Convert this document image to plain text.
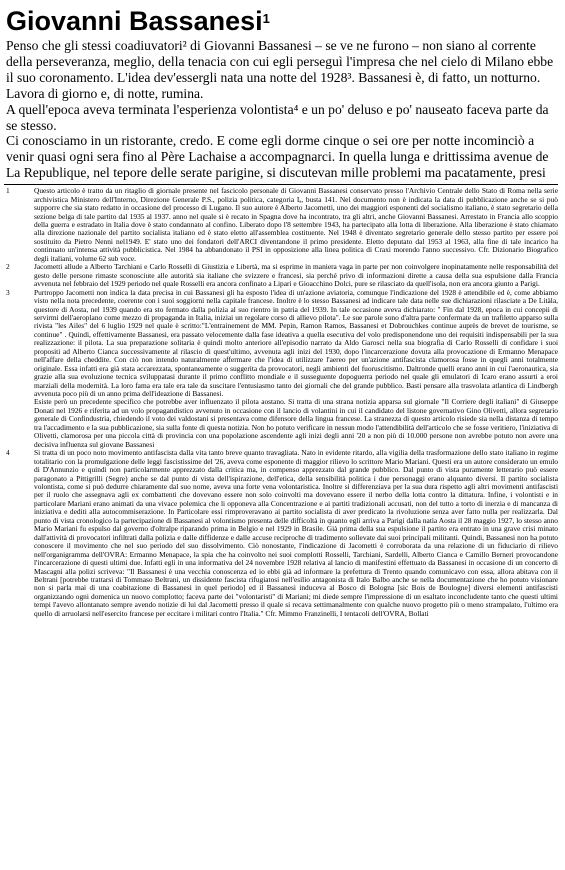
Giovanni Bassanesi$^1$

Penso che gli stessi coadiuvatori² di Giovanni Bassanesi – se ve ne furono – non siano al corrente della perseveranza, meglio, della tenacia con cui egli perseguì l'impresa che nel cielo di Milano ebbe il suo coronamento. L'idea dev'essergli nata una notte del 1928³. Bassanesi è, di fatto, un notturno. Lavora di giorno e, di notte, rumina.

A quell'epoca aveva terminata l'esperienza volontista⁴ e un po' deluso e po' nauseato faceva parte da se stesso.

Ci conosciamo in un ristorante, credo. E come egli dorme cinque o sei ore per notte incominciò a venir quasi ogni sera fino al Père Lachaise a accompagnarci. In quella lunga e drittissima avenue de La Republique, nel tepore delle serate parigine, si discutevan mille problemi ma pacatamente, presi

1	Questo articolo è tratto da un ritaglio di giornale presente nel fascicolo personale di Giovanni Bassanesi conservato presso l'Archivio Centrale dello Stato di Roma nella serie archivistica Ministero dell'Interno, Direzione Generale P.S., polizia politica, categoria Iₐ, busta 141. Nel documento non è indicata la data di pubblicazione anche se si può supporre che sia stato redatto in occasione del processo di Lugano. Il suo autore è Alberto Jacometti, uno dei maggiori esponenti del socialismo italiano, è stato segretario della sezione belga di tale partito dal 1935 al 1937. anno nel quale si è recato in Spagna dove ha incontrato, tra gli altri, anche Giovanni Bassanesi. Arrestato in Francia allo scoppio della guerra e estradato in Italia dove è stato condannato al confino. Liberato dopo l'8 settembre 1943, ha partecipato alla lotta di liberazione. Alla liberazione è stato chiamato alla direzione nazionale del partito socialista italiano ed è stato eletto all'assemblea costituente. Nel 1948 è diventato segretario generale dello stesso partito per essere poi sostituito da Pietro Nenni nel1949. E' stato uno dei fondatori dell'ARCI diventandone il primo presidente. Eletto deputato dal 1953 al 1963, alla fine di tale incarico ha continuato un'intensa attività pubblicistica. Nel 1984 ha abbandonato il PSI in opposizione alla linea politica di Craxi morendo l'anno successivo. Cfr. Dizionario Biografico degli italiani, volume 62 sub voce.

2	Jacometti allude a Alberto Tarchiani e Carlo Rosselli di Giustizia e Libertà, ma si esprime in maniera vaga in parte per non coinvolgere inopinatamente nelle responsabilità del gesto delle persone rimaste sconosciute alle autorità sia italiane che svizzere e francesi, sia perché privo di informazioni dirette a causa della sua espulsione dalla Francia avvenuta nel febbraio del 1929 periodo nel quale Rosselli era ancora confinato a Lipari e Gioacchino Dolci, pure se rilasciato da quell'isola, non era ancora giunto a Parigi.

3	Purtroppo Jacometti non indica la data precisa in cui Bassanesi gli ha esposto l'idea di un'azione aviatoria, comunque l'indicazione del 1928 è attendibile ed è, come abbiamo visto nella nota precedente, coerente con i suoi soggiorni nella capitale francese. Inoltre è lo stesso Bassanesi ad indicare tale data nelle sue dichiarazioni rilasciate a De Litàla, questore di Aosta, nel 1939 quando era sto fermato dalla polizia al suo rientro in patria del 1939. In tale occasione aveva dichiarato: " Fin dal 1928, epoca in cui concepii di servirmi dell'aeroplano come mezzo di propaganda in Italia, iniziai un regolare corso di allievo pilota". Le sue parole sono d'altra parte confermate da un trafiletto apparso sulla rivista "les Ailes" del 6 luglio 1929 nel quale è scritto:"L'entrainement de MM. Pepin, Ramon Ramos, Bassanesi et Dobrouchkes continue auprès de brevet de tourisme, se continue" . Quindi, effettivamente Bassanesi, era passato velocemente dalla fase ideativa a quella esecutiva del volo predisponendone uno dei requisiti indispensabili per la sua realizzazione: il pilota. La sua preparazione solitaria è quindi molto anteriore all'episodio narrato da Aldo Garosci nella sua biografia di Carlo Rosselli di confidare i suoi propositi ad Alberto Cianca successivamente al rilascio di quest'ultimo, avvenuta agli inizi del 1930, dopo l'incarcerazione dovuta alla provocazione di Ermanno Menapace nell'affare della cheddite. Con ciò non intendo naturalmente affermare che l'idea di utilizzare l'aereo per un'azione antifascista clamorosa fosse in quegli anni totalmente originale. Essa infatti era già stata accarezzata, spontaneamente o suggerita da provocatori, negli ambienti del fuoruscitismo. Daltronde quelli erano anni in cui l'aeronautica, sia grazie alla sua evoluzione tecnica sviluppatasi durante il primo conflitto mondiale e il susseguente dopoguerra periodo nel quale gli emulatori di Icaro erano assurti a eroi marziali della modernità. La loro fama era tale era tale da suscitare l'entusiasmo tanto dei giornali che del grande pubblico. Basti pensare alla trasvolata atlantica di Lindbergh avvenuta poco più di un anno prima dell'ideazione di Bassanesi.

Esiste però un precedente specifico che potrebbe aver influenzato il pilota aostano. Si tratta di una strana notizia apparsa sul giornale "Il Corriere degli italiani" di Giuseppe Donati nel 1926 e riferita ad un volo propagandistico avvenuto in occasione con il lancio di volantini in cui il candidato del listone governativo Gino Olivetti, allora segretario generale di Confindustria, chiedendo il voto dei valdostani si presentava come difensore della lingua francese. La stranezza di questo articolo risiede sia nella distanza di tempo tra l'accadimento e la sua pubblicazione, sia sulla fonte di questa notizia. Non ho potuto verificare in nessun modo l'attendibilità dell'articolo che se fosse veritiero, l'iniziativa di Olivetti, clamorosa per una piccola città di provincia con una popolazione ascendente agli inizi degli anni '20 a non più di 10.000 persone non avrebbe potuto non avere una decisiva influenza sul giovane Bassanesi

4	Si tratta di un poco noto movimento antifascista dalla vita tanto breve quanto travagliata. Nato in evidente ritardo, alla vigilia della trasformazione dello stato italiano in regime totalitario con la promulgazione delle leggi fascistissime del '26, aveva come esponente di maggior rilievo lo scrittore Mario Mariani. Questi era un autore considerato un emulo di D'Annunzio e quindi non particolarmente apprezzato dalla critica ma, in compenso apprezzato dal grande pubblico. Dal punto di vista puramente letterario può essere paragonato a Pittigrilli (Segre) anche se dal punto di vista dell'ispirazione, dell'etica, della sensibilità politica i due personaggi erano alquanto diversi. Il partito socialista volontista, come si può dedurre chiaramente dal suo nome, aveva una forte vena volontaristica. Inoltre si differenziava per la sua dura rispetto agli altri movimenti antifascisti per il ruolo che assegnava agli ex combattenti che dovevano essere non solo coinvolti ma dovevano essere il nerbo della lotta contro la dittatura. Infine, i volontisti e in particolare Mariani erano animati da una vivace polemica che li opponeva alla Concentrazione e ai partiti tradizionali accusati, non del tutto a torto di inerzia e di mancanza di iniziativa e dediti alla autocommiserazione. In Particolare essi rimproveravano ai partito socialista di aver predicato la rivoluzione senza aver fatto nulla per realizzarla. Dal punto di vista cronologico la partecipazione di Bassanesi al volontismo presenta delle difficoltà in quanto egli arriva a Parigi dalla natìa Aosta il 28 maggio 1927, lo stesso anno Mario Mariani fu espulso dal governo d'oltralpe riparando prima in Belgio e nel 1929 in Brasile. Già prima della sua espulsione il partito era entrato in una grave crisi minato dall'attività di provocatori infiltrati dalla polizia e dalle diffidenze e dalle accuse reciproche di tradimento sollevate dai suoi principali militanti. Quindi, Bassanesi non ha potuto conoscere il movimento che nel suo periodo del suo dissolvimento. Ciò nonostante, l'indicazione di Jacometti è corroborata da una relazione di un fiduciario di rilievo nell'organigramma dell'OVRA: Ermanno Menapace, la spia che ha coinvolto nei suoi complotti Rosselli, Tarchiani, Sardelli, Alberto Cianca e Camillo Berneri provocandone l'incarcerazione di questi ultimi due. Infatti egli in una informativa del 24 novembre 1928 relativa al lancio di manifestini effettuato da Bassanesi in occasione di un concerto di Mascagni alla polizi scriveva: "Il Bassanesi è una vecchia conoscenza ed io ebbi già ad informare la prefettura di Trento quando comunicavo con essa, allora abitava con il Beltrani [potrebbe trattarsi di Tommaso Beltrani, un dissidente fascista rifugiatosi nell'esilio antagonista di Italo Balbo anche se nella documentazione che ho potuto visionare non si parla mai di una coabitazione di Bassanesi in quel periodo] ed il Bassanesi induceva al Bosco di Bologna [sic Bois de Boulogne] diversi elementi antifascisti organizzando ogni domenica un nuovo complotto; faceva parte dei "volontaristi" di Mariani; mi diede sempre l'impressione di un esaltato inconcludente tanto che questi ultimi tempi l'avevo allontanato sempre avendo notizie di lui dal Jacometti presso il quale si recava settimanalmente con qualche nuovo progetto più o meno strampalato, l'ultimo era quello di arruolarsi nell'esercito francese per eccitare i militari contro l'Italia." Cfr. Mimmo Franzinelli, I tentacoli dell'OVRA, Bollati
